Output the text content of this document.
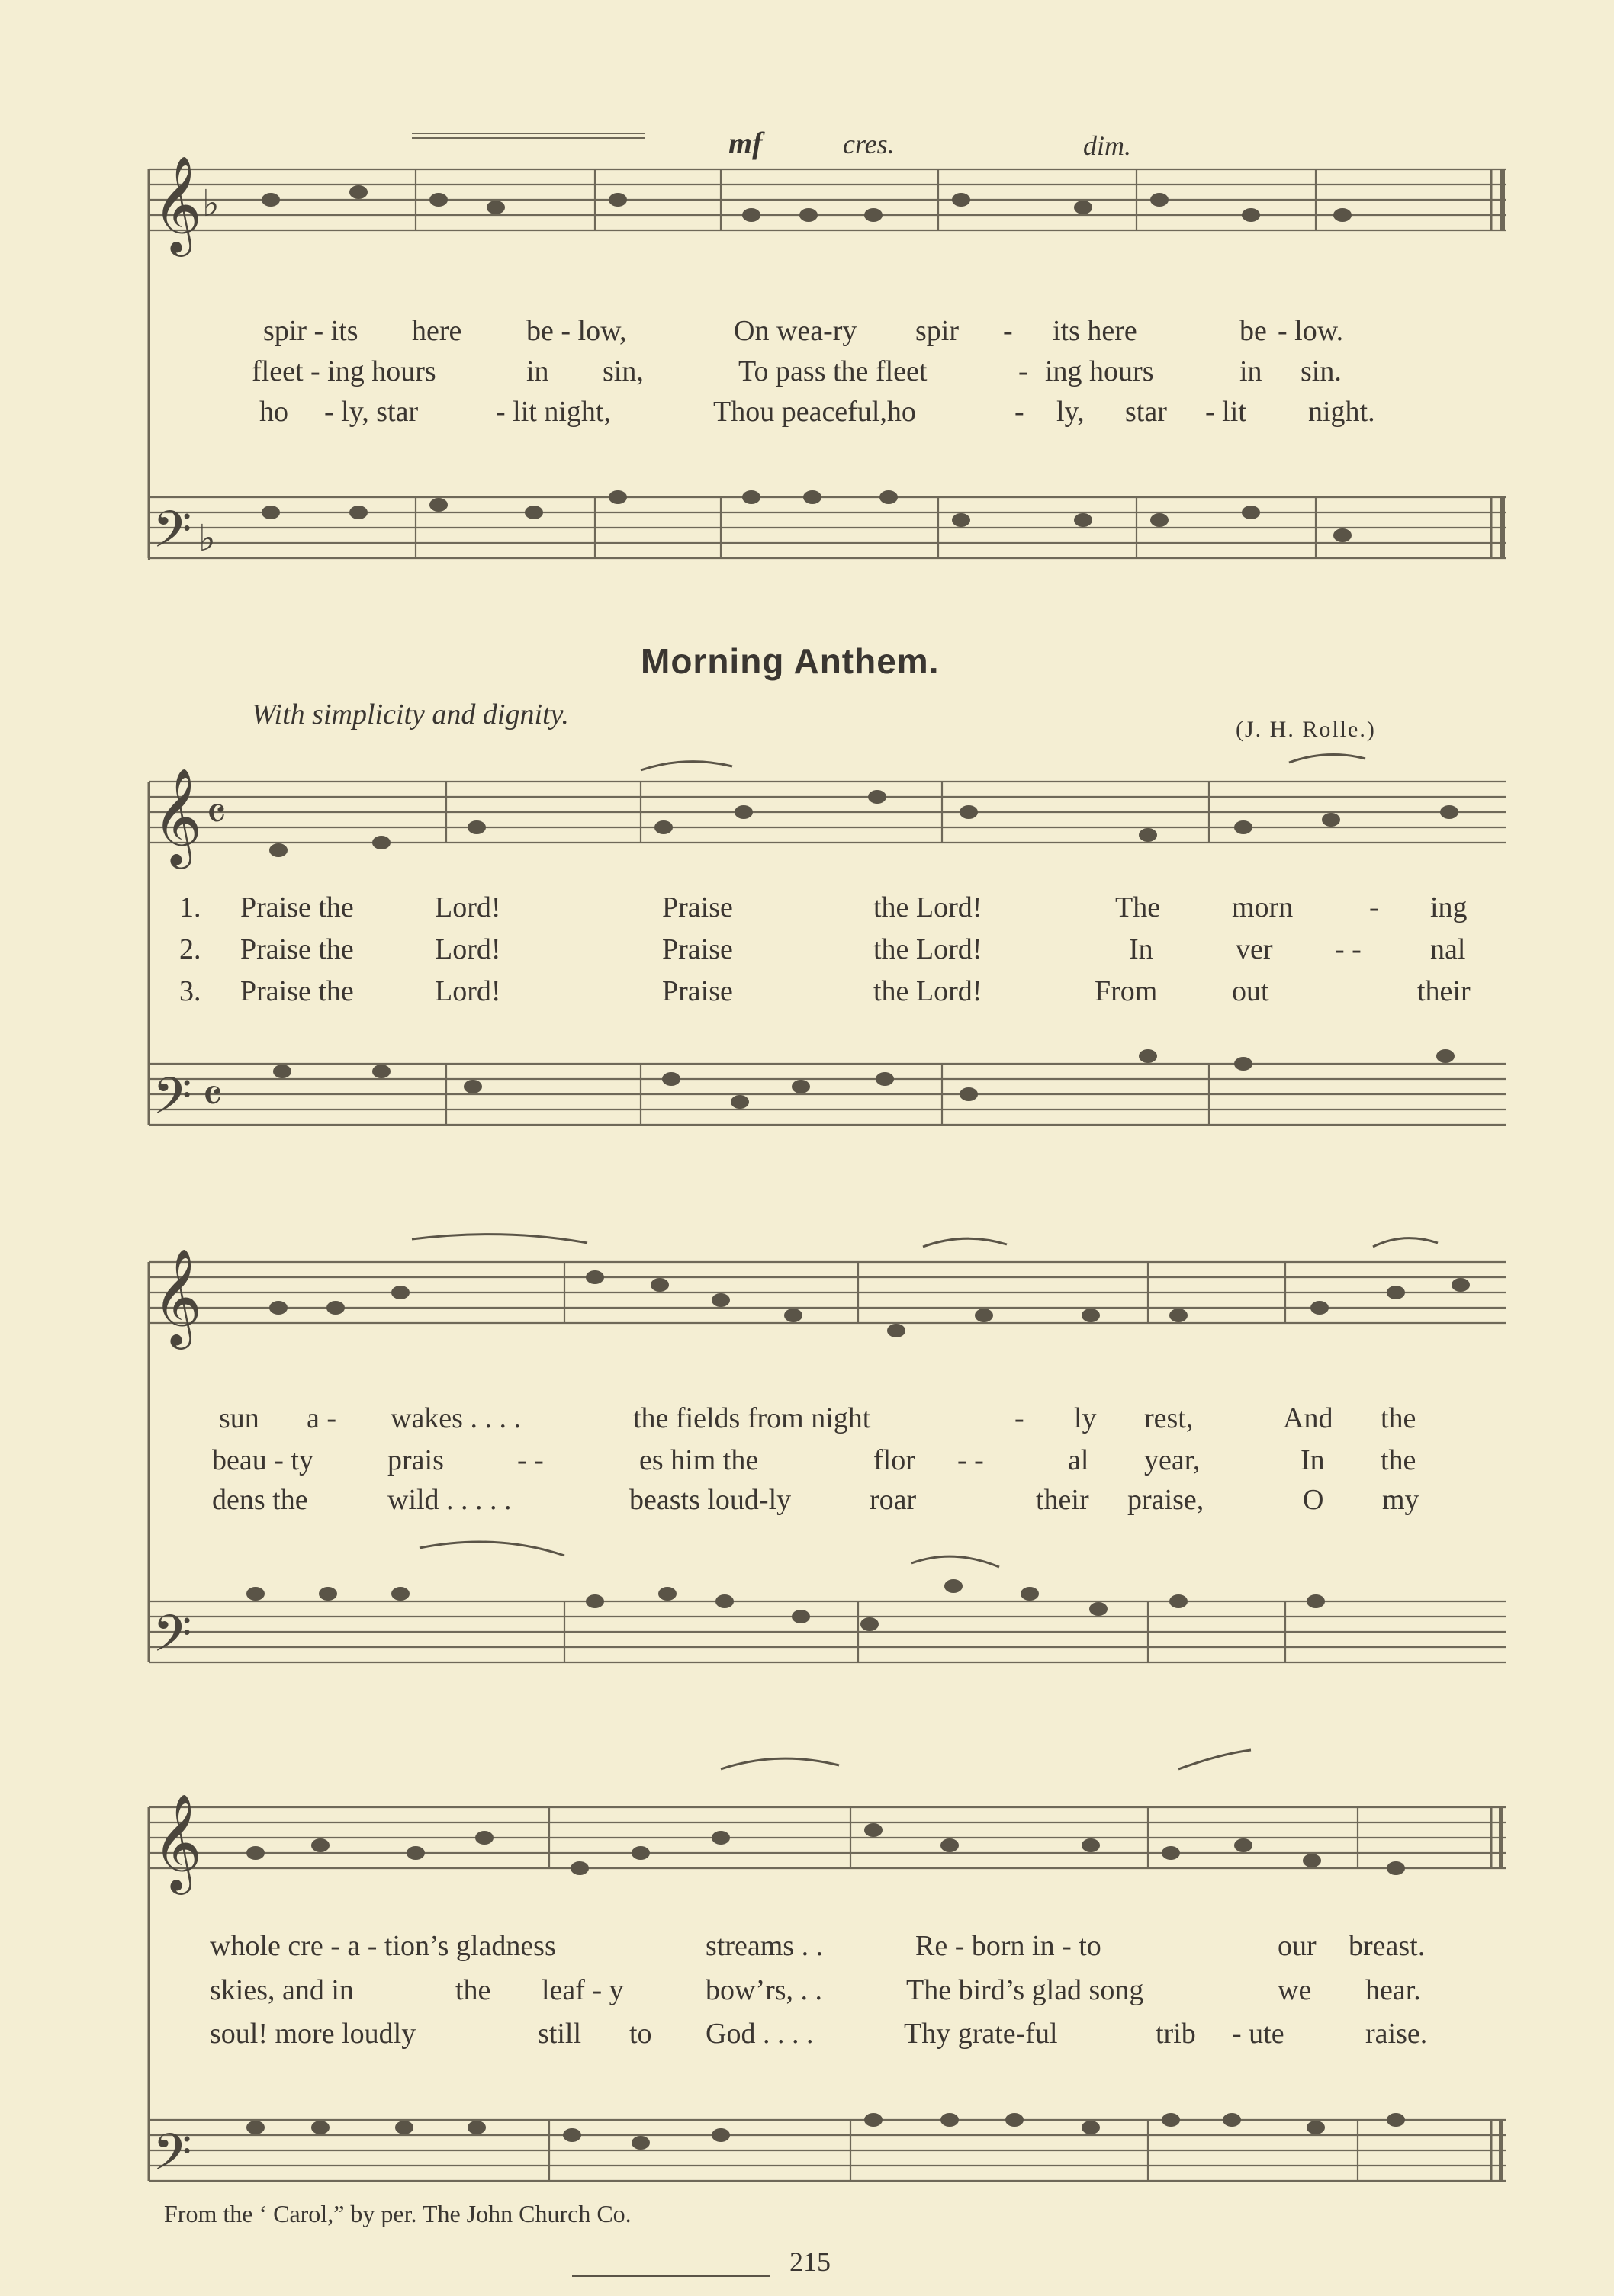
𝄞
𝄢
𝄞
𝄢
𝄞
𝄢
𝄞
𝄢
♭
♭
𝄴
𝄴
mf	cres.	dim.
spir - its here be - low,	On wea-ry spir - its here	be - low.
fleet - ing hours	in sin,	To pass the fleet	- ing hours	in sin.
ho - ly, star	- lit night,	Thou peaceful,ho	- ly, star - lit night.
Morning Anthem.
With simplicity and dignity.	(J. H. Rolle.)
1. Praise the	Lord!	Praise	the Lord!	The morn	- ing
2. Praise the	Lord!	Praise	the Lord!	In	ver - - nal
3. Praise the	Lord!	Praise	the Lord!	From	out	their
sun a - wakes . . . .	the fields from night	- ly rest,	And the
beau - ty	prais	- -	es him the	flor - -	al year,	In the
dens the	wild . . . . .	beasts loud-ly	roar	their praise,	O my
whole cre - a - tion’s gladness	streams . .	Re - born in - to	our breast.
skies, and in	the leaf - y	bow’rs, . .	The bird’s glad song	we hear.
soul! more loudly	still to God . . . .	Thy grate-ful	trib - ute	raise.
From the ‘ Carol,” by per. The John Church Co.
215
